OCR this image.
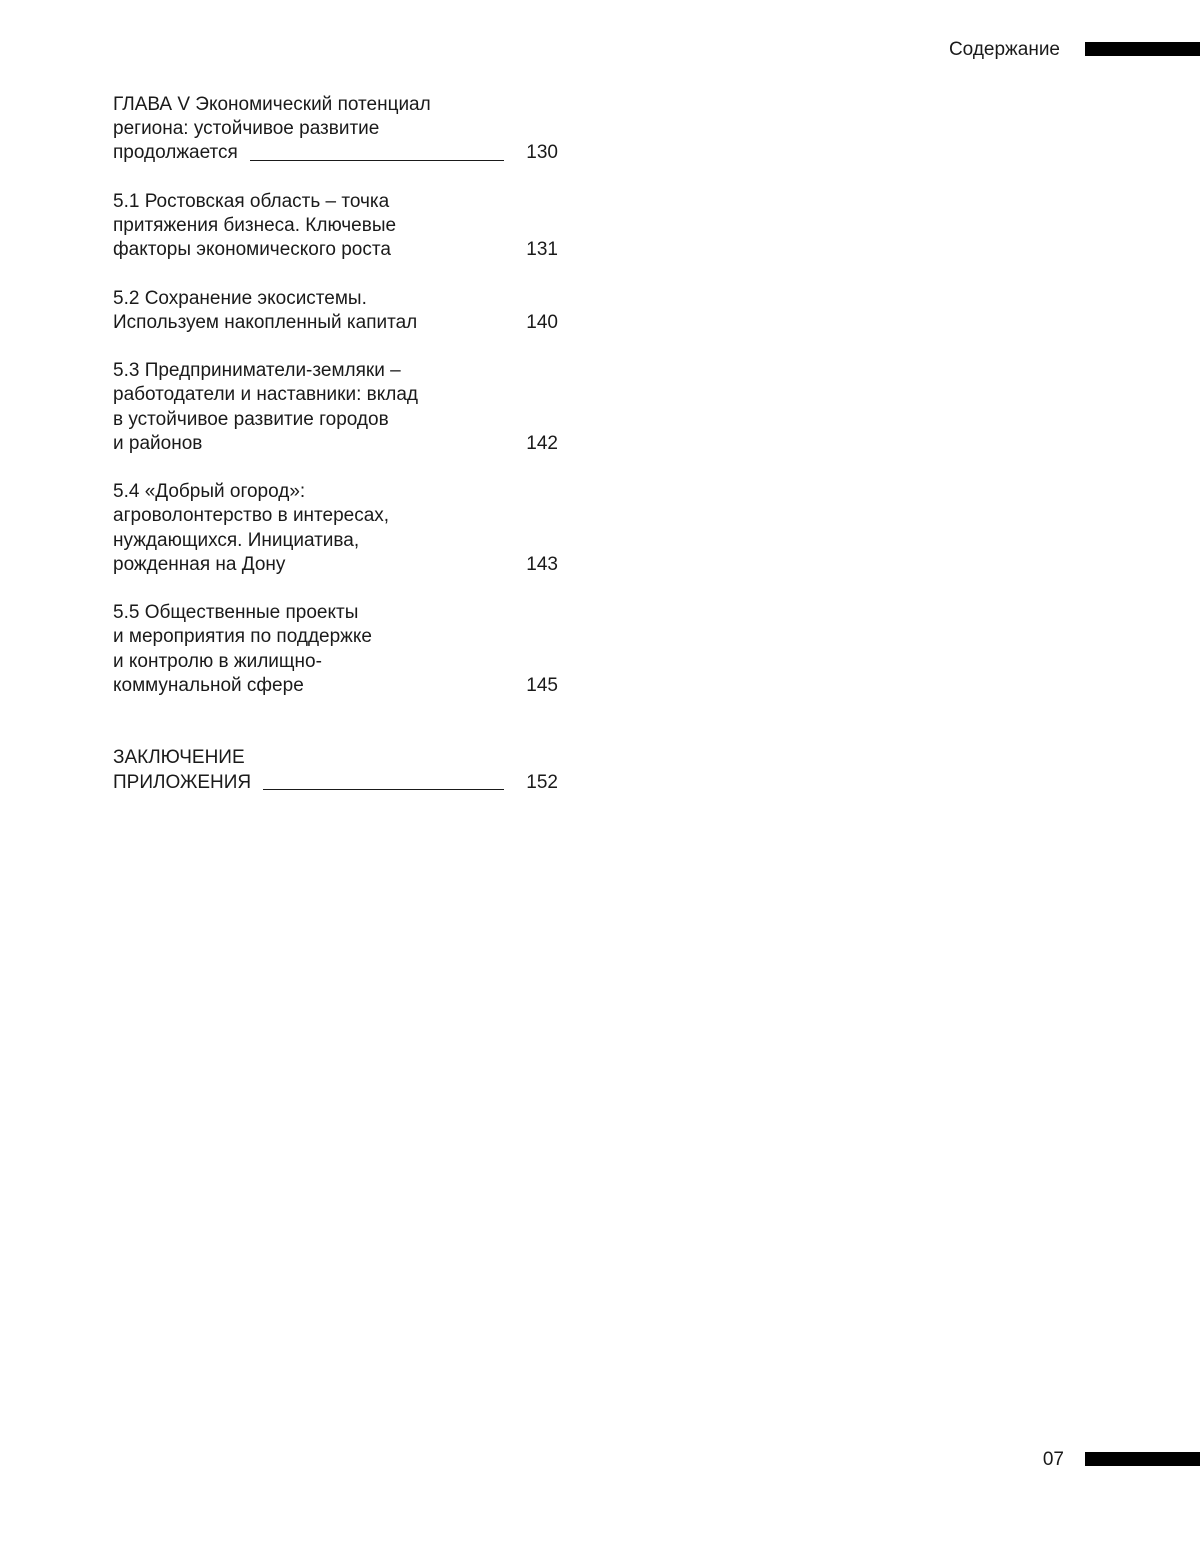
Содержание
ГЛАВА V Экономический потенциал
региона: устойчивое развитие
продолжается	130
5.1 Ростовская область – точка
притяжения бизнеса. Ключевые
факторы экономического роста	131
5.2 Сохранение экосистемы.
Используем накопленный капитал	140
5.3 Предприниматели-земляки –
работодатели и наставники: вклад
в устойчивое развитие городов
и районов	142
5.4 «Добрый огород»:
агроволонтерство в интересах,
нуждающихся. Инициатива,
рожденная на Дону	143
5.5 Общественные проекты
и мероприятия по поддержке
и контролю в жилищно-
коммунальной сфере	145
ЗАКЛЮЧЕНИЕ
ПРИЛОЖЕНИЯ	152
07
